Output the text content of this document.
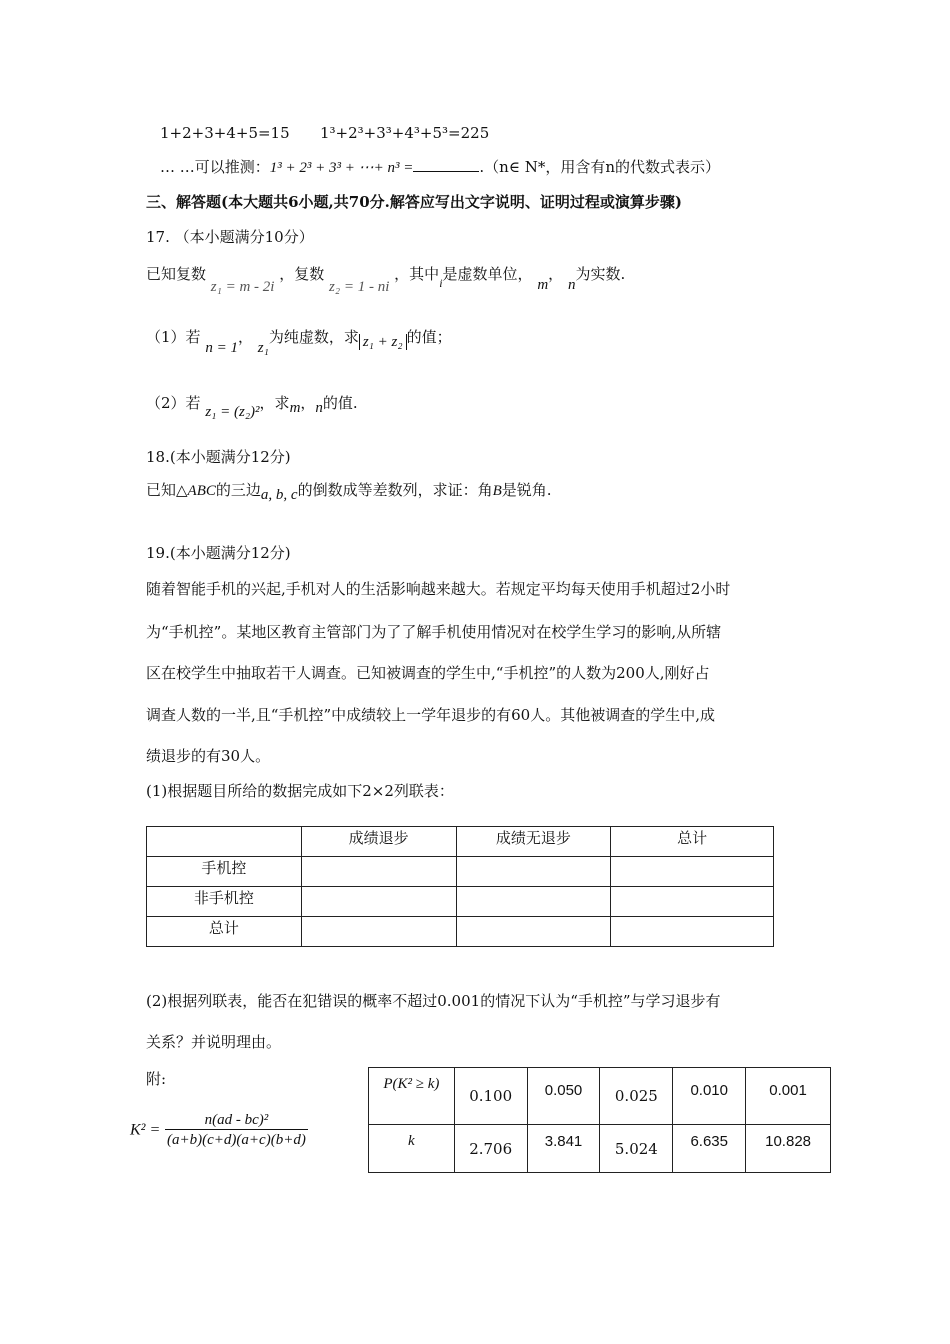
1+2+3+4+5=15 1³+2³+3³+4³+5³=225
… …可以推测：1³ + 2³ + 3³ + ⋯+ n³ =	.（n∈ N*，用含有n的代数式表示）
三、解答题(本大题共6小题,共70分.解答应写出文字说明、证明过程或演算步骤)
17. （本小题满分10分）
已知复数 z₁ = m - 2i ，复数 z₂ = 1 - ni ，其中$_i$是虚数单位， m， n为实数.
（1）若 n = 1， z₁为纯虚数，求 z₁ + z₂ 的值；
（2）若 z₁ = (z₂)²，求m，n的值.
18.(本小题满分12分)
已知△ABC的三边a, b, c的倒数成等差数列，求证：角B是锐角.
19.(本小题满分12分)
随着智能手机的兴起,手机对人的生活影响越来越大。若规定平均每天使用手机超过2小时
为“手机控”。某地区教育主管部门为了了解手机使用情况对在校学生学习的影响,从所辖
区在校学生中抽取若干人调查。已知被调查的学生中,“手机控”的人数为200人,刚好占
调查人数的一半,且“手机控”中成绩较上一学年退步的有60人。其他被调查的学生中,成
绩退步的有30人。
(1)根据题目所给的数据完成如下2×2列联表：
	成绩退步	成绩无退步	总计
手机控			
非手机控			
总计			
(2)根据列联表，能否在犯错误的概率不超过0.001的情况下认为“手机控”与学习退步有
关系？并说明理由。
附:
$K^2 = \frac{\text{n(ad - bc)²}}{(a+b)(c+d)(a+c)(b+d)}$
P(K² ≥ k)	0.100	0.050	0.025	0.010	0.001
k	2.706	3.841	5.024	6.635	10.828
